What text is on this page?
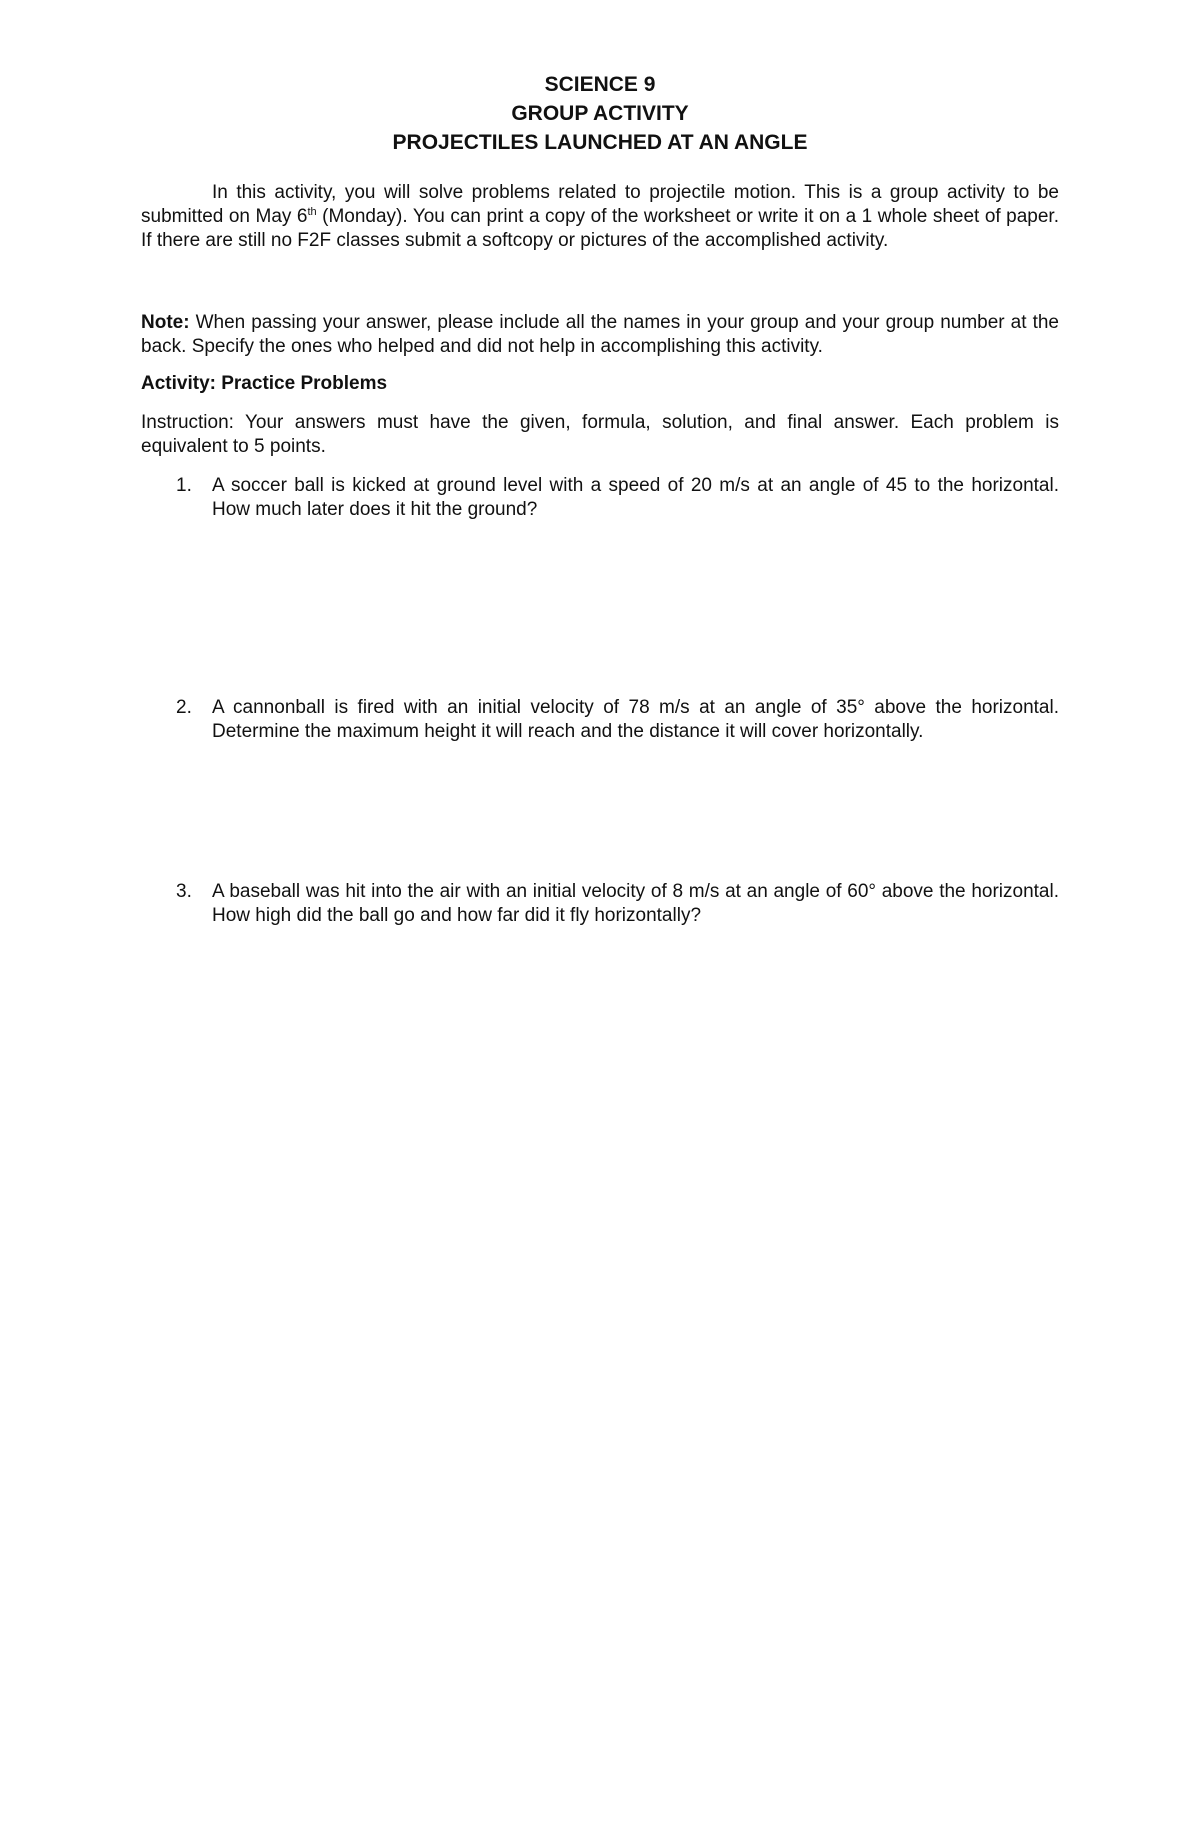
SCIENCE 9
GROUP ACTIVITY
PROJECTILES LAUNCHED AT AN ANGLE

In this activity, you will solve problems related to projectile motion. This is a group activity to be submitted on May 6th (Monday). You can print a copy of the worksheet or write it on a 1 whole sheet of paper. If there are still no F2F classes submit a softcopy or pictures of the accomplished activity.

Note: When passing your answer, please include all the names in your group and your group number at the back. Specify the ones who helped and did not help in accomplishing this activity.

Activity: Practice Problems

Instruction: Your answers must have the given, formula, solution, and final answer. Each problem is equivalent to 5 points.

1. A soccer ball is kicked at ground level with a speed of 20 m/s at an angle of 45 to the horizontal. How much later does it hit the ground?
2. A cannonball is fired with an initial velocity of 78 m/s at an angle of 35° above the horizontal. Determine the maximum height it will reach and the distance it will cover horizontally.
3. A baseball was hit into the air with an initial velocity of 8 m/s at an angle of 60° above the horizontal. How high did the ball go and how far did it fly horizontally?
